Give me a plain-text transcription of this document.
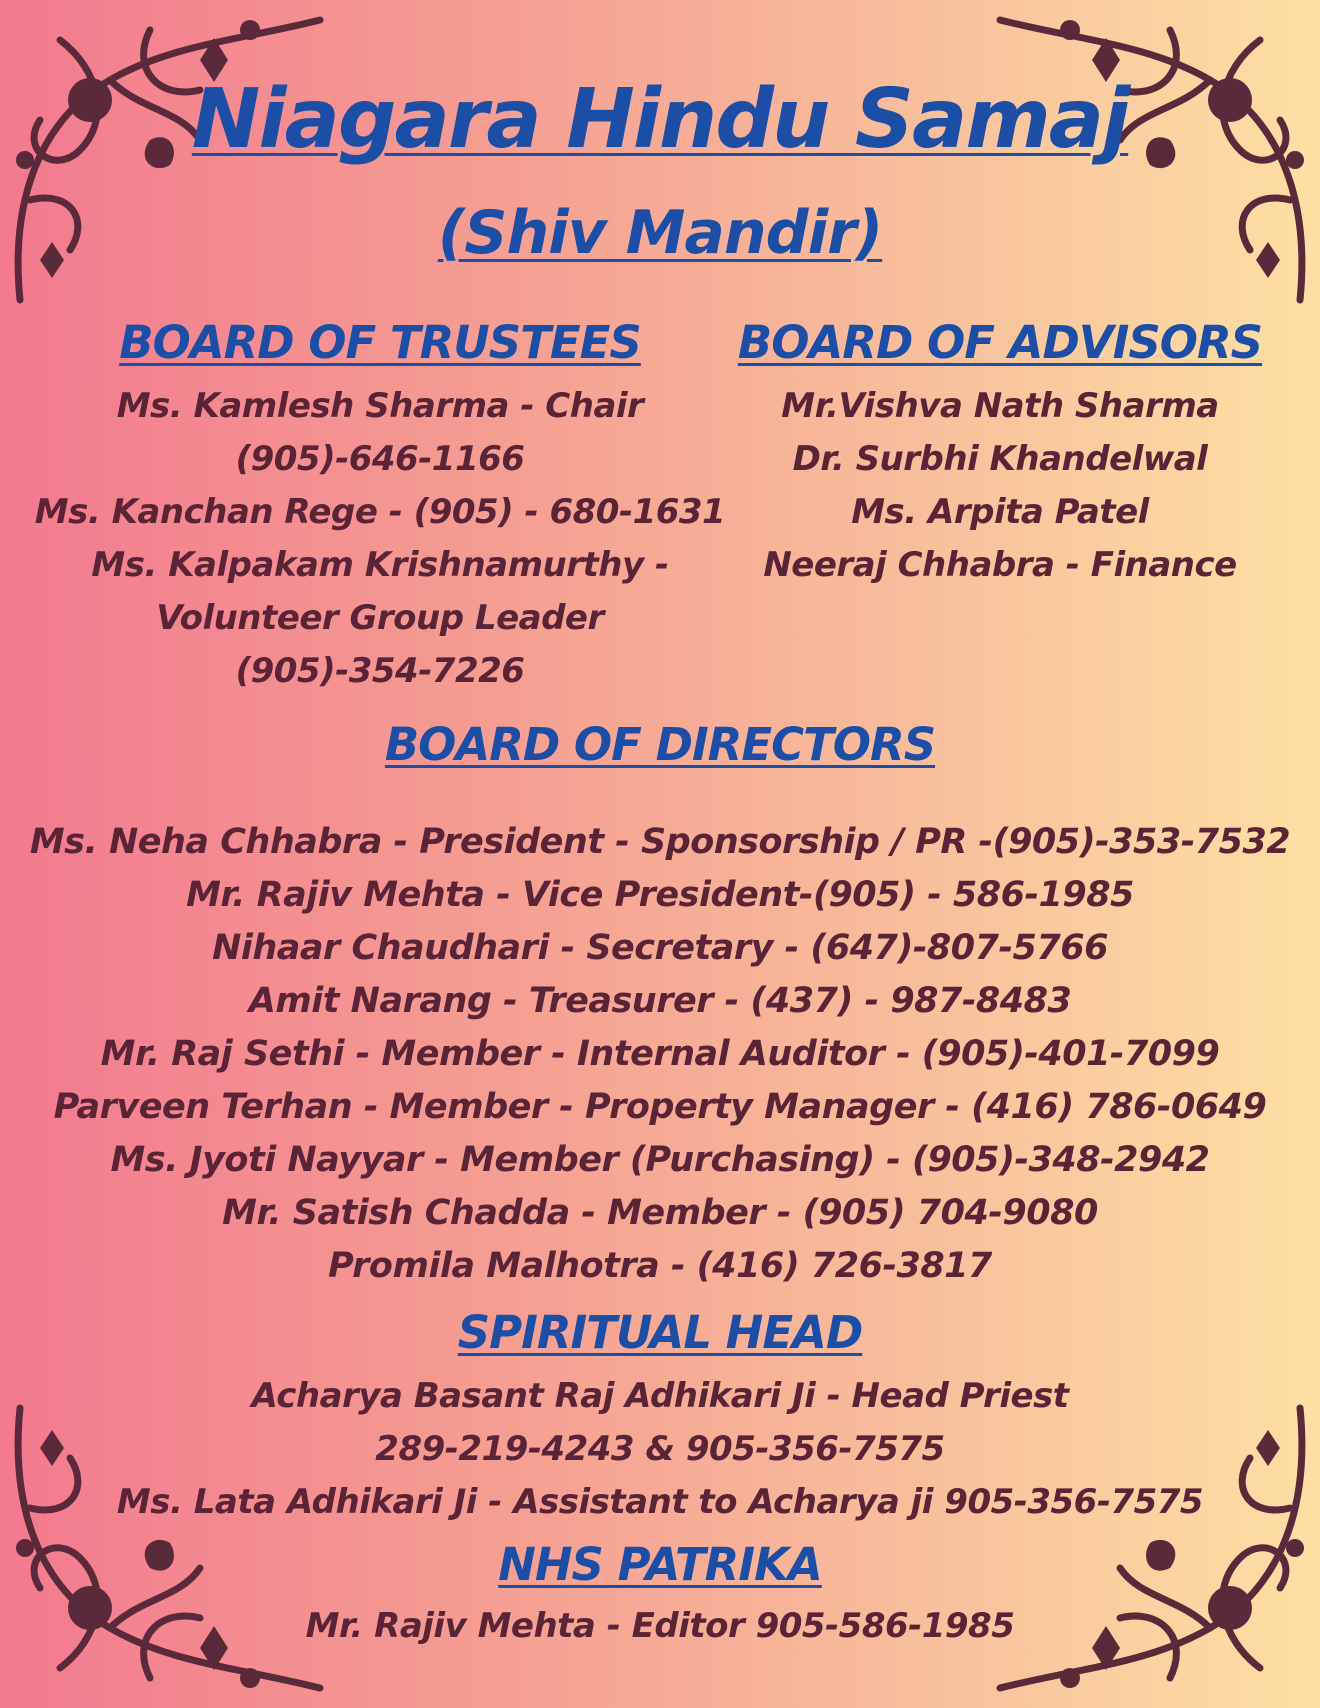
Niagara Hindu Samaj
(Shiv Mandir)
BOARD OF TRUSTEES
Ms. Kamlesh Sharma - Chair
(905)-646-1166
Ms. Kanchan Rege - (905) - 680-1631
Ms. Kalpakam Krishnamurthy -
Volunteer Group Leader
(905)-354-7226
BOARD OF ADVISORS
Mr.Vishva Nath Sharma
Dr. Surbhi Khandelwal
Ms. Arpita Patel
Neeraj Chhabra - Finance
BOARD OF DIRECTORS
Ms. Neha Chhabra - President - Sponsorship / PR -(905)-353-7532
Mr. Rajiv Mehta - Vice President-(905) - 586-1985
Nihaar Chaudhari - Secretary - (647)-807-5766
Amit Narang - Treasurer - (437) - 987-8483
Mr. Raj Sethi - Member - Internal Auditor - (905)-401-7099
Parveen Terhan - Member - Property Manager - (416) 786-0649
Ms. Jyoti Nayyar - Member (Purchasing) - (905)-348-2942
Mr. Satish Chadda - Member - (905) 704-9080
Promila Malhotra - (416) 726-3817
SPIRITUAL HEAD
Acharya Basant Raj Adhikari Ji - Head Priest
289-219-4243 & 905-356-7575
Ms. Lata Adhikari Ji - Assistant to Acharya ji 905-356-7575
NHS PATRIKA
Mr. Rajiv Mehta - Editor 905-586-1985
